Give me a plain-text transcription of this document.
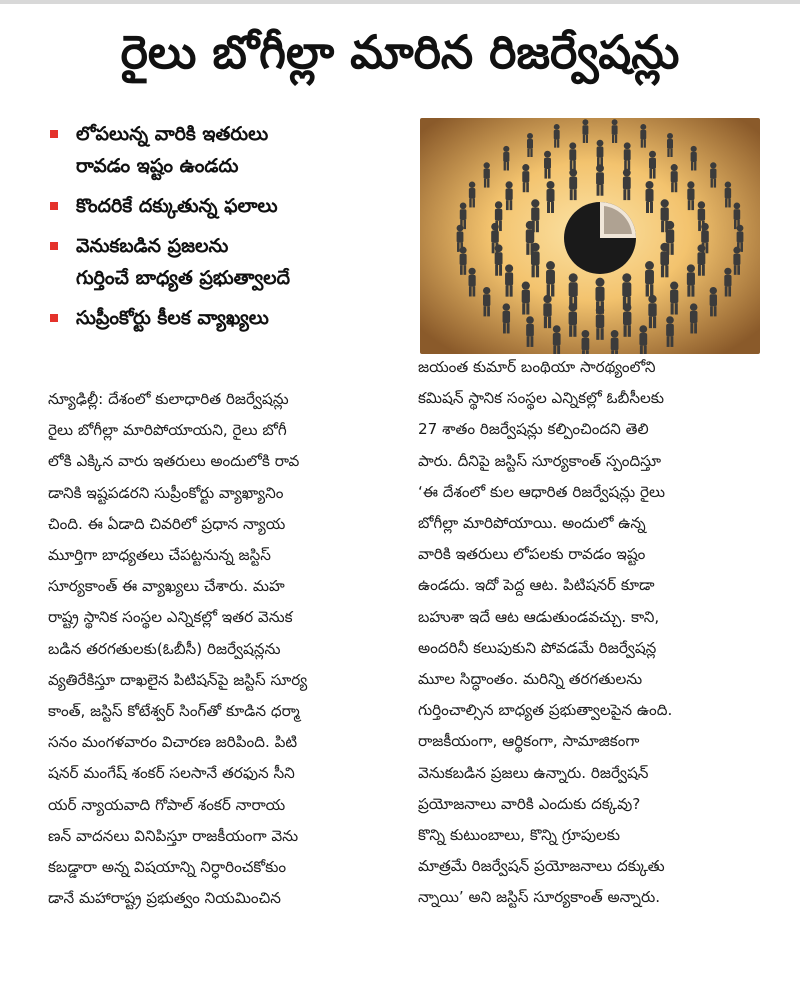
రైలు బోగీల్లా మారిన రిజర్వేషన్లు
లోపలున్న వారికి ఇతరులు
రావడం ఇష్టం ఉండదు
కొందరికే దక్కుతున్న ఫలాలు
వెనుకబడిన ప్రజలను
గుర్తించే బాధ్యత ప్రభుత్వాలదే
సుప్రీంకోర్టు కీలక వ్యాఖ్యలు
న్యూఢిల్లీ: దేశంలో కులాధారిత రిజర్వేషన్లు
రైలు బోగీల్లా మారిపోయాయని, రైలు బోగీ
లోకి ఎక్కిన వారు ఇతరులు అందులోకి రావ
డానికి ఇష్టపడరని సుప్రీంకోర్టు వ్యాఖ్యానిం
చింది. ఈ ఏడాది చివరిలో ప్రధాన న్యాయ
మూర్తిగా బాధ్యతలు చేపట్టనున్న జస్టిస్
సూర్యకాంత్ ఈ వ్యాఖ్యలు చేశారు. మహ
రాష్ట్ర స్థానిక సంస్థల ఎన్నికల్లో ఇతర వెనుక
బడిన తరగతులకు(ఓబీసీ) రిజర్వేషన్లను
వ్యతిరేకిస్తూ దాఖలైన పిటిషన్‌పై జస్టిస్ సూర్య
కాంత్, జస్టిస్ కోటేశ్వర్ సింగ్‌తో కూడిన ధర్మా
సనం మంగళవారం విచారణ జరిపింది. పిటి
షనర్ మంగేష్ శంకర్ సలసానే తరఫున సీని
యర్ న్యాయవాది గోపాల్ శంకర్ నారాయ
ణన్ వాదనలు వినిపిస్తూ రాజకీయంగా వెను
కబడ్డారా అన్న విషయాన్ని నిర్ధారించకోకుం
డానే మహారాష్ట్ర ప్రభుత్వం నియమించిన
జయంత కుమార్ బంథియా సారథ్యంలోని
కమిషన్ స్థానిక సంస్థల ఎన్నికల్లో ఓబీసీలకు
27 శాతం రిజర్వేషన్లు కల్పించిందని తెలి
పారు. దీనిపై జస్టిస్ సూర్యకాంత్ స్పందిస్తూ
‘ఈ దేశంలో కుల ఆధారిత రిజర్వేషన్లు రైలు
బోగీల్లా మారిపోయాయి. అందులో ఉన్న
వారికి ఇతరులు లోపలకు రావడం ఇష్టం
ఉండదు. ఇదో పెద్ద ఆట. పిటిషనర్ కూడా
బహుశా ఇదే ఆట ఆడుతుండవచ్చు. కాని,
అందరినీ కలుపుకుని పోవడమే రిజర్వేషన్ల
మూల సిద్ధాంతం. మరిన్ని తరగతులను
గుర్తించాల్సిన బాధ్యత ప్రభుత్వాలపైన ఉంది.
రాజకీయంగా, ఆర్థికంగా, సామాజికంగా
వెనుకబడిన ప్రజలు ఉన్నారు. రిజర్వేషన్
ప్రయోజనాలు వారికి ఎందుకు దక్కవు?
కొన్ని కుటుంబాలు, కొన్ని గ్రూపులకు
మాత్రమే రిజర్వేషన్ ప్రయోజనాలు దక్కుతు
న్నాయి’ అని జస్టిస్ సూర్యకాంత్ అన్నారు.
